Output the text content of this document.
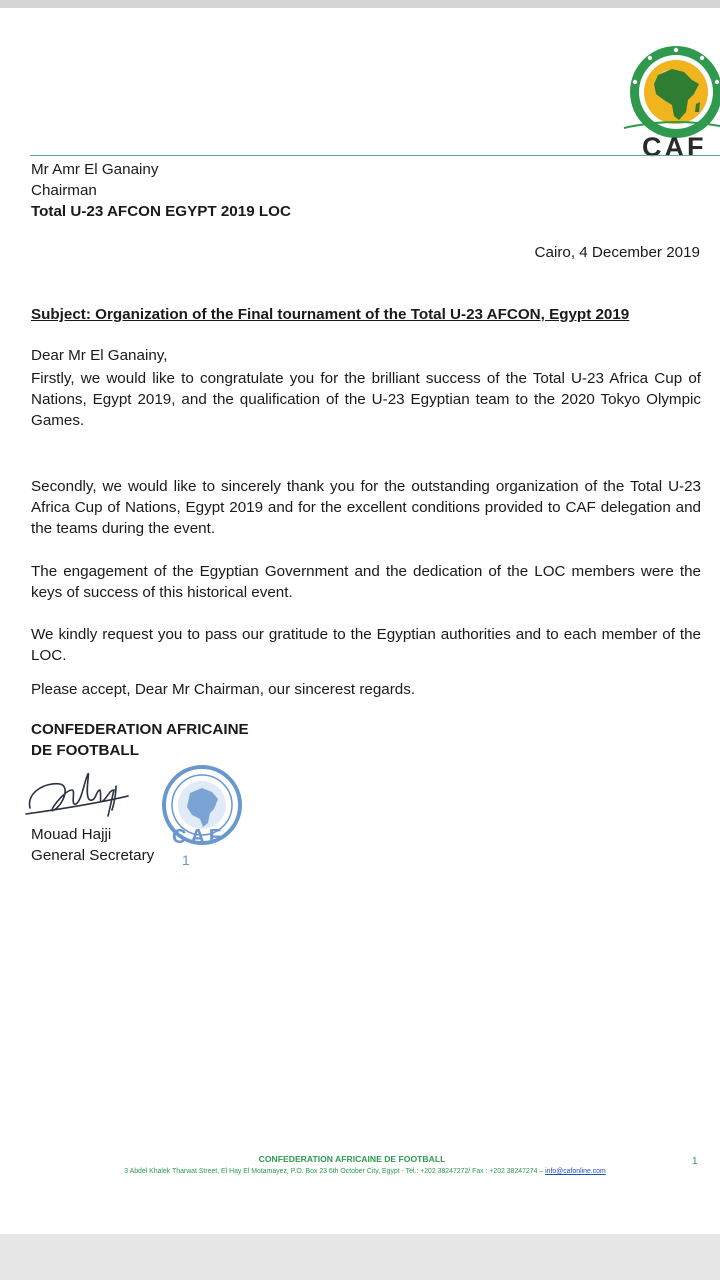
CAF
Mr Amr El Ganainy
Chairman
Total U-23 AFCON EGYPT 2019 LOC
Cairo, 4 December 2019
Subject: Organization of the Final tournament of the Total U-23 AFCON, Egypt 2019
Dear Mr El Ganainy,
Firstly, we would like to congratulate you for the brilliant success of the Total U-23 Africa Cup of Nations, Egypt 2019, and the qualification of the U-23 Egyptian team to the 2020 Tokyo Olympic Games.
Secondly, we would like to sincerely thank you for the outstanding organization of the Total U-23 Africa Cup of Nations, Egypt 2019 and for the excellent conditions provided to CAF delegation and the teams during the event.
The engagement of the Egyptian Government and the dedication of the LOC members were the keys of success of this historical event.
We kindly request you to pass our gratitude to the Egyptian authorities and to each member of the LOC.
Please accept, Dear Mr Chairman, our sincerest regards.
CONFEDERATION AFRICAINE
DE FOOTBALL
CAF
1
Mouad Hajji
General Secretary
CONFEDERATION AFRICAINE DE FOOTBALL
3 Abdel Khalek Tharwat Street, El Hay El Motamayez, P.O. Box 23 6th October City, Egypt - Tel.: +202 38247272/ Fax : +202 38247274 – info@cafonline.com
1
